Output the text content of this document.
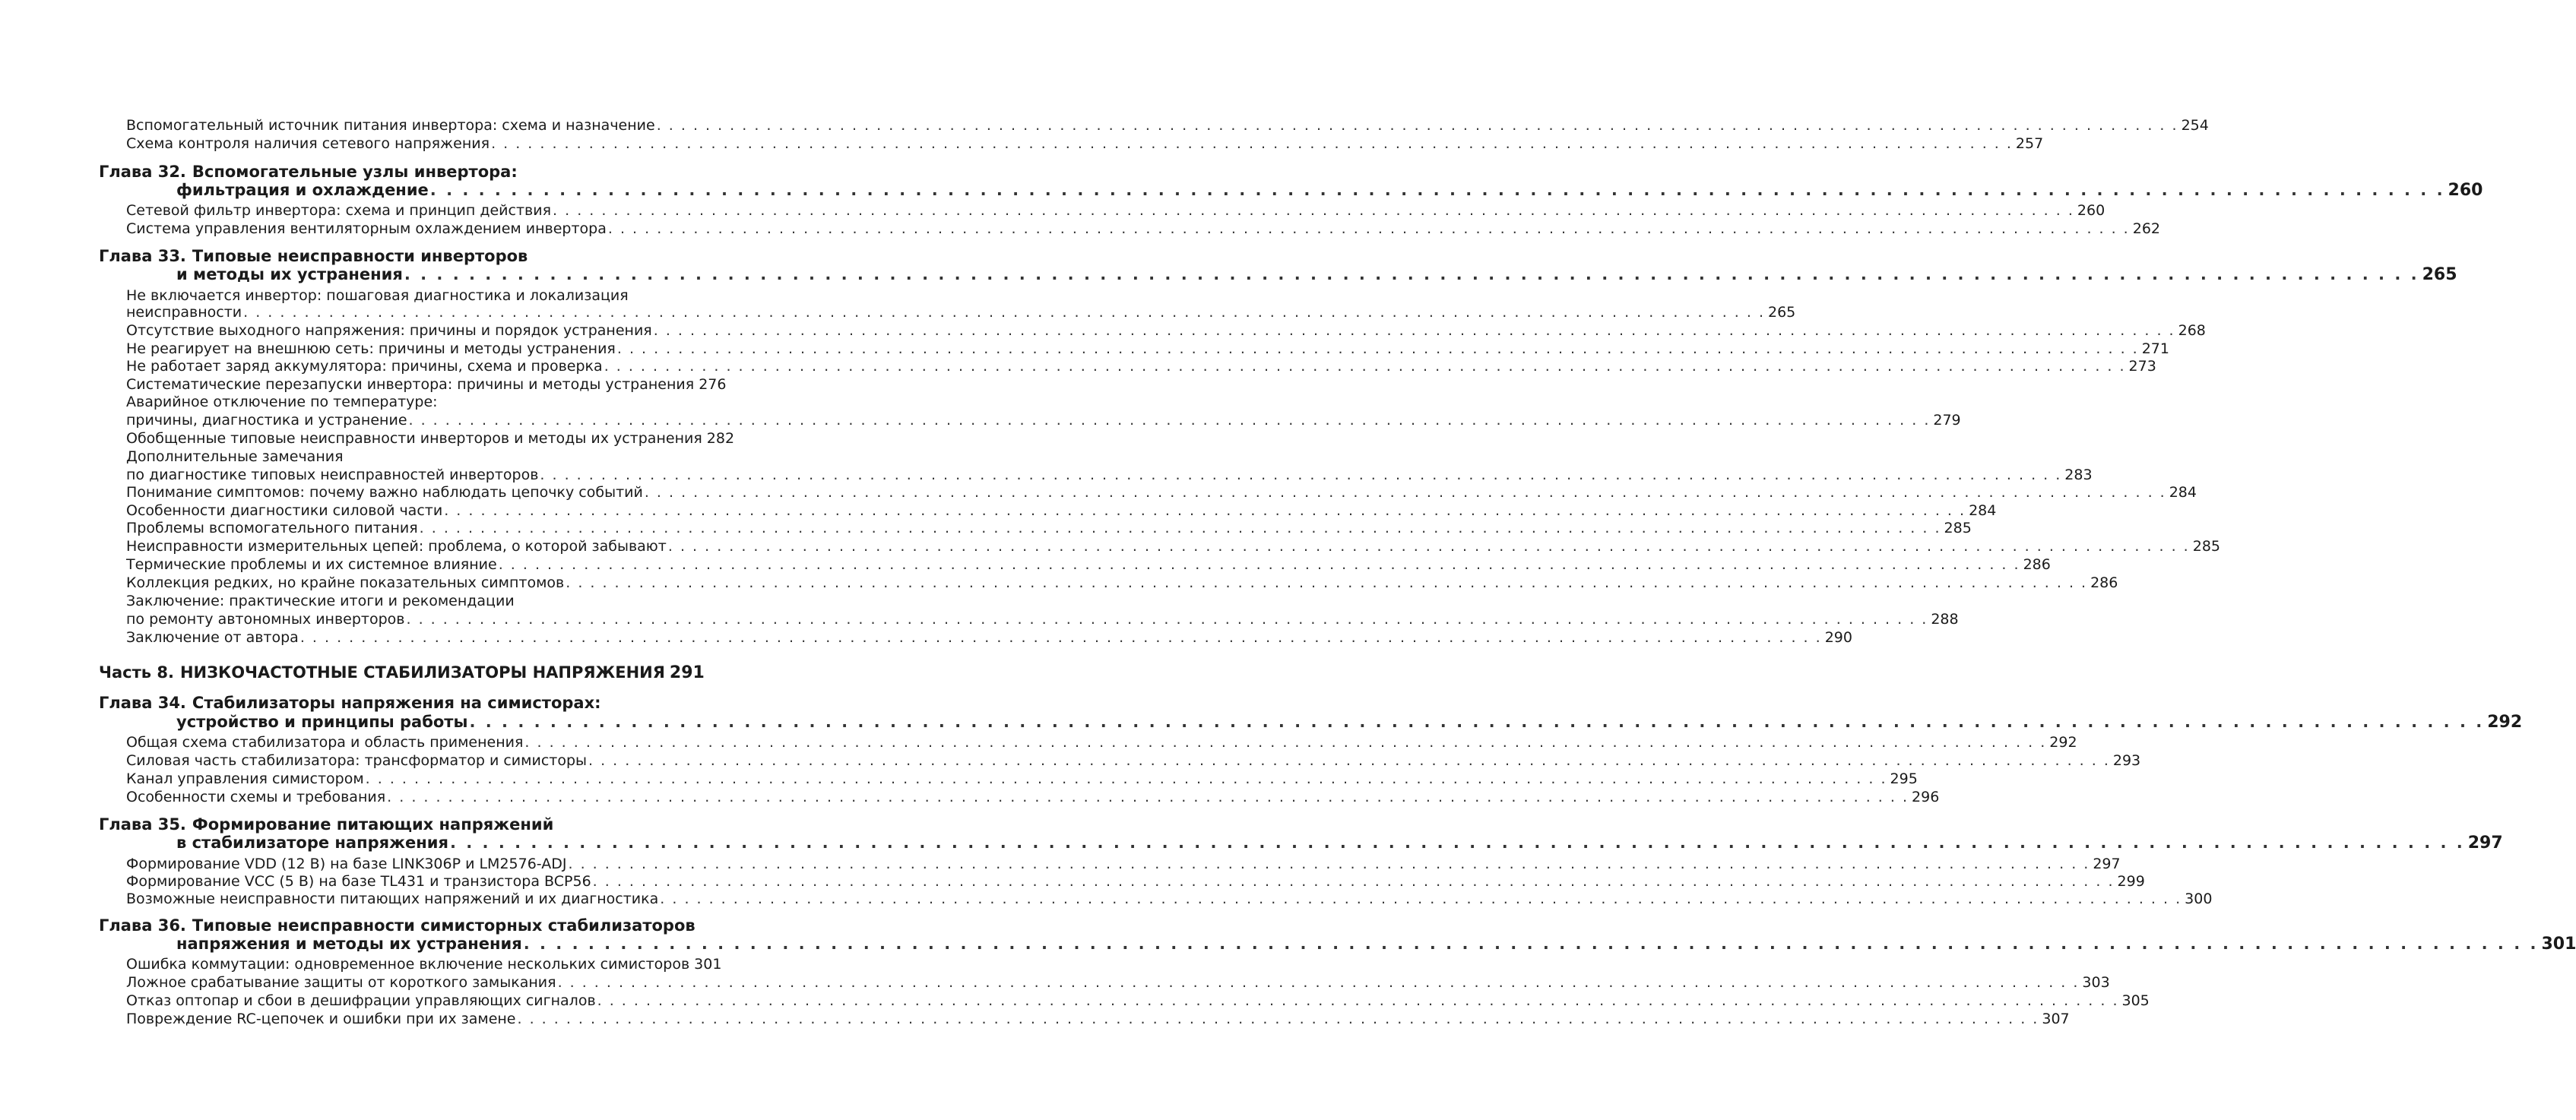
Вспомогательный источник питания инвертора: схема и назначение . . .	254
Схема контроля наличия сетевого напряжения . . .	257
Глава 32. Вспомогательные узлы инвертора:
фильтрация и охлаждение . . .	260
Сетевой фильтр инвертора: схема и принцип действия . . .	260
Система управления вентиляторным охлаждением инвертора . . .	262
Глава 33. Типовые неисправности инверторов
и методы их устранения . . .	265
Не включается инвертор: пошаговая диагностика и локализация
неисправности . . .	265
Отсутствие выходного напряжения: причины и порядок устранения . . .	268
Не реагирует на внешнюю сеть: причины и методы устранения . . .	271
Не работает заряд аккумулятора: причины, схема и проверка . . .	273
Систематические перезапуски инвертора: причины и методы устранения 276
Аварийное отключение по температуре:
причины, диагностика и устранение . . .	279
Обобщенные типовые неисправности инверторов и методы их устранения 282
Дополнительные замечания
по диагностике типовых неисправностей инверторов . . .	283
Понимание симптомов: почему важно наблюдать цепочку событий . . .	284
Особенности диагностики силовой части . . .	284
Проблемы вспомогательного питания . . .	285
Неисправности измерительных цепей: проблема, о которой забывают . . .	285
Термические проблемы и их системное влияние . . .	286
Коллекция редких, но крайне показательных симптомов . . .	286
Заключение: практические итоги и рекомендации
по ремонту автономных инверторов . . .	288
Заключение от автора . . .	290
Часть 8. НИЗКОЧАСТОТНЫЕ СТАБИЛИЗАТОРЫ НАПРЯЖЕНИЯ 291
Глава 34. Стабилизаторы напряжения на симисторах:
устройство и принципы работы . . .	292
Общая схема стабилизатора и область применения . . .	292
Силовая часть стабилизатора: трансформатор и симисторы . . .	293
Канал управления симистором . . .	295
Особенности схемы и требования . . .	296
Глава 35. Формирование питающих напряжений
в стабилизаторе напряжения . . .	297
Формирование VDD (12 В) на базе LINK306P и LM2576-ADJ . . .	297
Формирование VCC (5 В) на базе TL431 и транзистора BCP56 . . .	299
Возможные неисправности питающих напряжений и их диагностика . . .	300
Глава 36. Типовые неисправности симисторных стабилизаторов
напряжения и методы их устранения . . .	301
Ошибка коммутации: одновременное включение нескольких симисторов 301
Ложное срабатывание защиты от короткого замыкания . . .	303
Отказ оптопар и сбои в дешифрации управляющих сигналов . . .	305
Повреждение RC-цепочек и ошибки при их замене . . .	307
